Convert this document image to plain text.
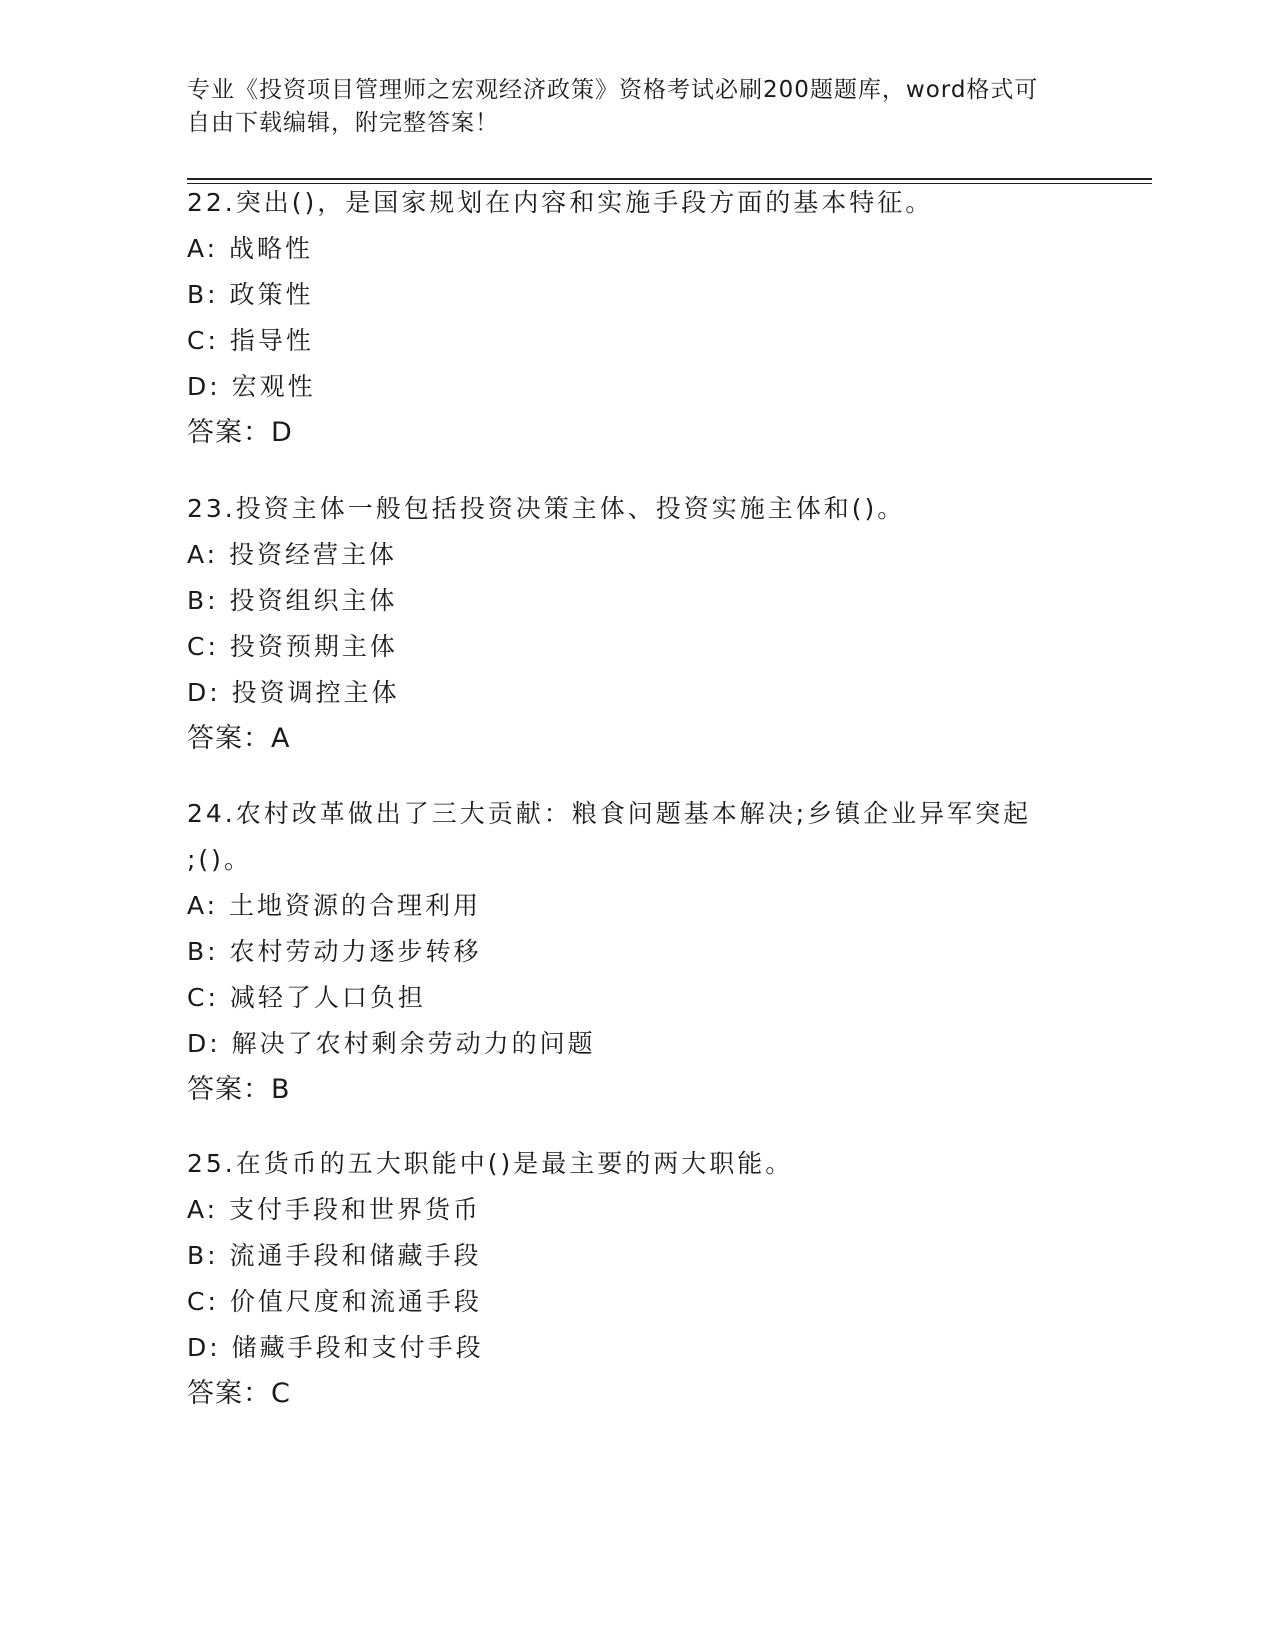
专业《投资项目管理师之宏观经济政策》资格考试必刷200题题库，word格式可
自由下载编辑，附完整答案！
22.突出()，是国家规划在内容和实施手段方面的基本特征。
A: 战略性
B: 政策性
C: 指导性
D: 宏观性
答案：D
23.投资主体一般包括投资决策主体、投资实施主体和()。
A: 投资经营主体
B: 投资组织主体
C: 投资预期主体
D: 投资调控主体
答案：A
24.农村改革做出了三大贡献：粮食问题基本解决;乡镇企业异军突起
;()。
A: 土地资源的合理利用
B: 农村劳动力逐步转移
C: 减轻了人口负担
D: 解决了农村剩余劳动力的问题
答案：B
25.在货币的五大职能中()是最主要的两大职能。
A: 支付手段和世界货币
B: 流通手段和储藏手段
C: 价值尺度和流通手段
D: 储藏手段和支付手段
答案：C
